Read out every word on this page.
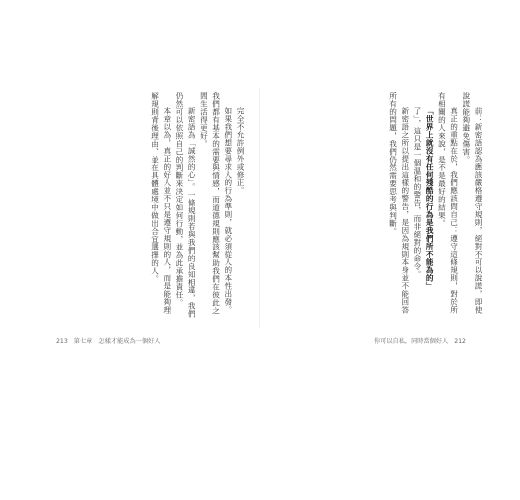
前：新密語認為應該嚴格遵守規則，絕對不可以說謊，即使說謊能夠避免傷害。

真正的重點在於，我們應該問自己：遵守這條規則，對於所有相關的人來說，是不是最好的結果。

「世界上就沒有任何殘酷的行為是我們所不能為的」

了」，這只是一個溫和的警告，而非絕對的命令。

新密語之所以提出這樣的警告，是因為規則本身並不能回答所有的問題，我們仍然需要思考與判斷。

完全不允許例外或修正。

如果我們想要尋求人的行為準則，就必須從人的本性出發。我們都有基本的需要與情感，而道德規則應該幫助我們在彼此之間生活得更好。

新密語為「誠然的心」。一條規則若與我們的良知相違，我們仍然可以依照自己的判斷來決定如何行動，並為此承擔責任。

本章以為，真正的好人並不只是遵守規則的人，而是能夠理解規則背後理由、並在具體處境中做出合宜選擇的人。

213 第七章　怎樣才能成為一個好人	你可以自私，同時當個好人 212
